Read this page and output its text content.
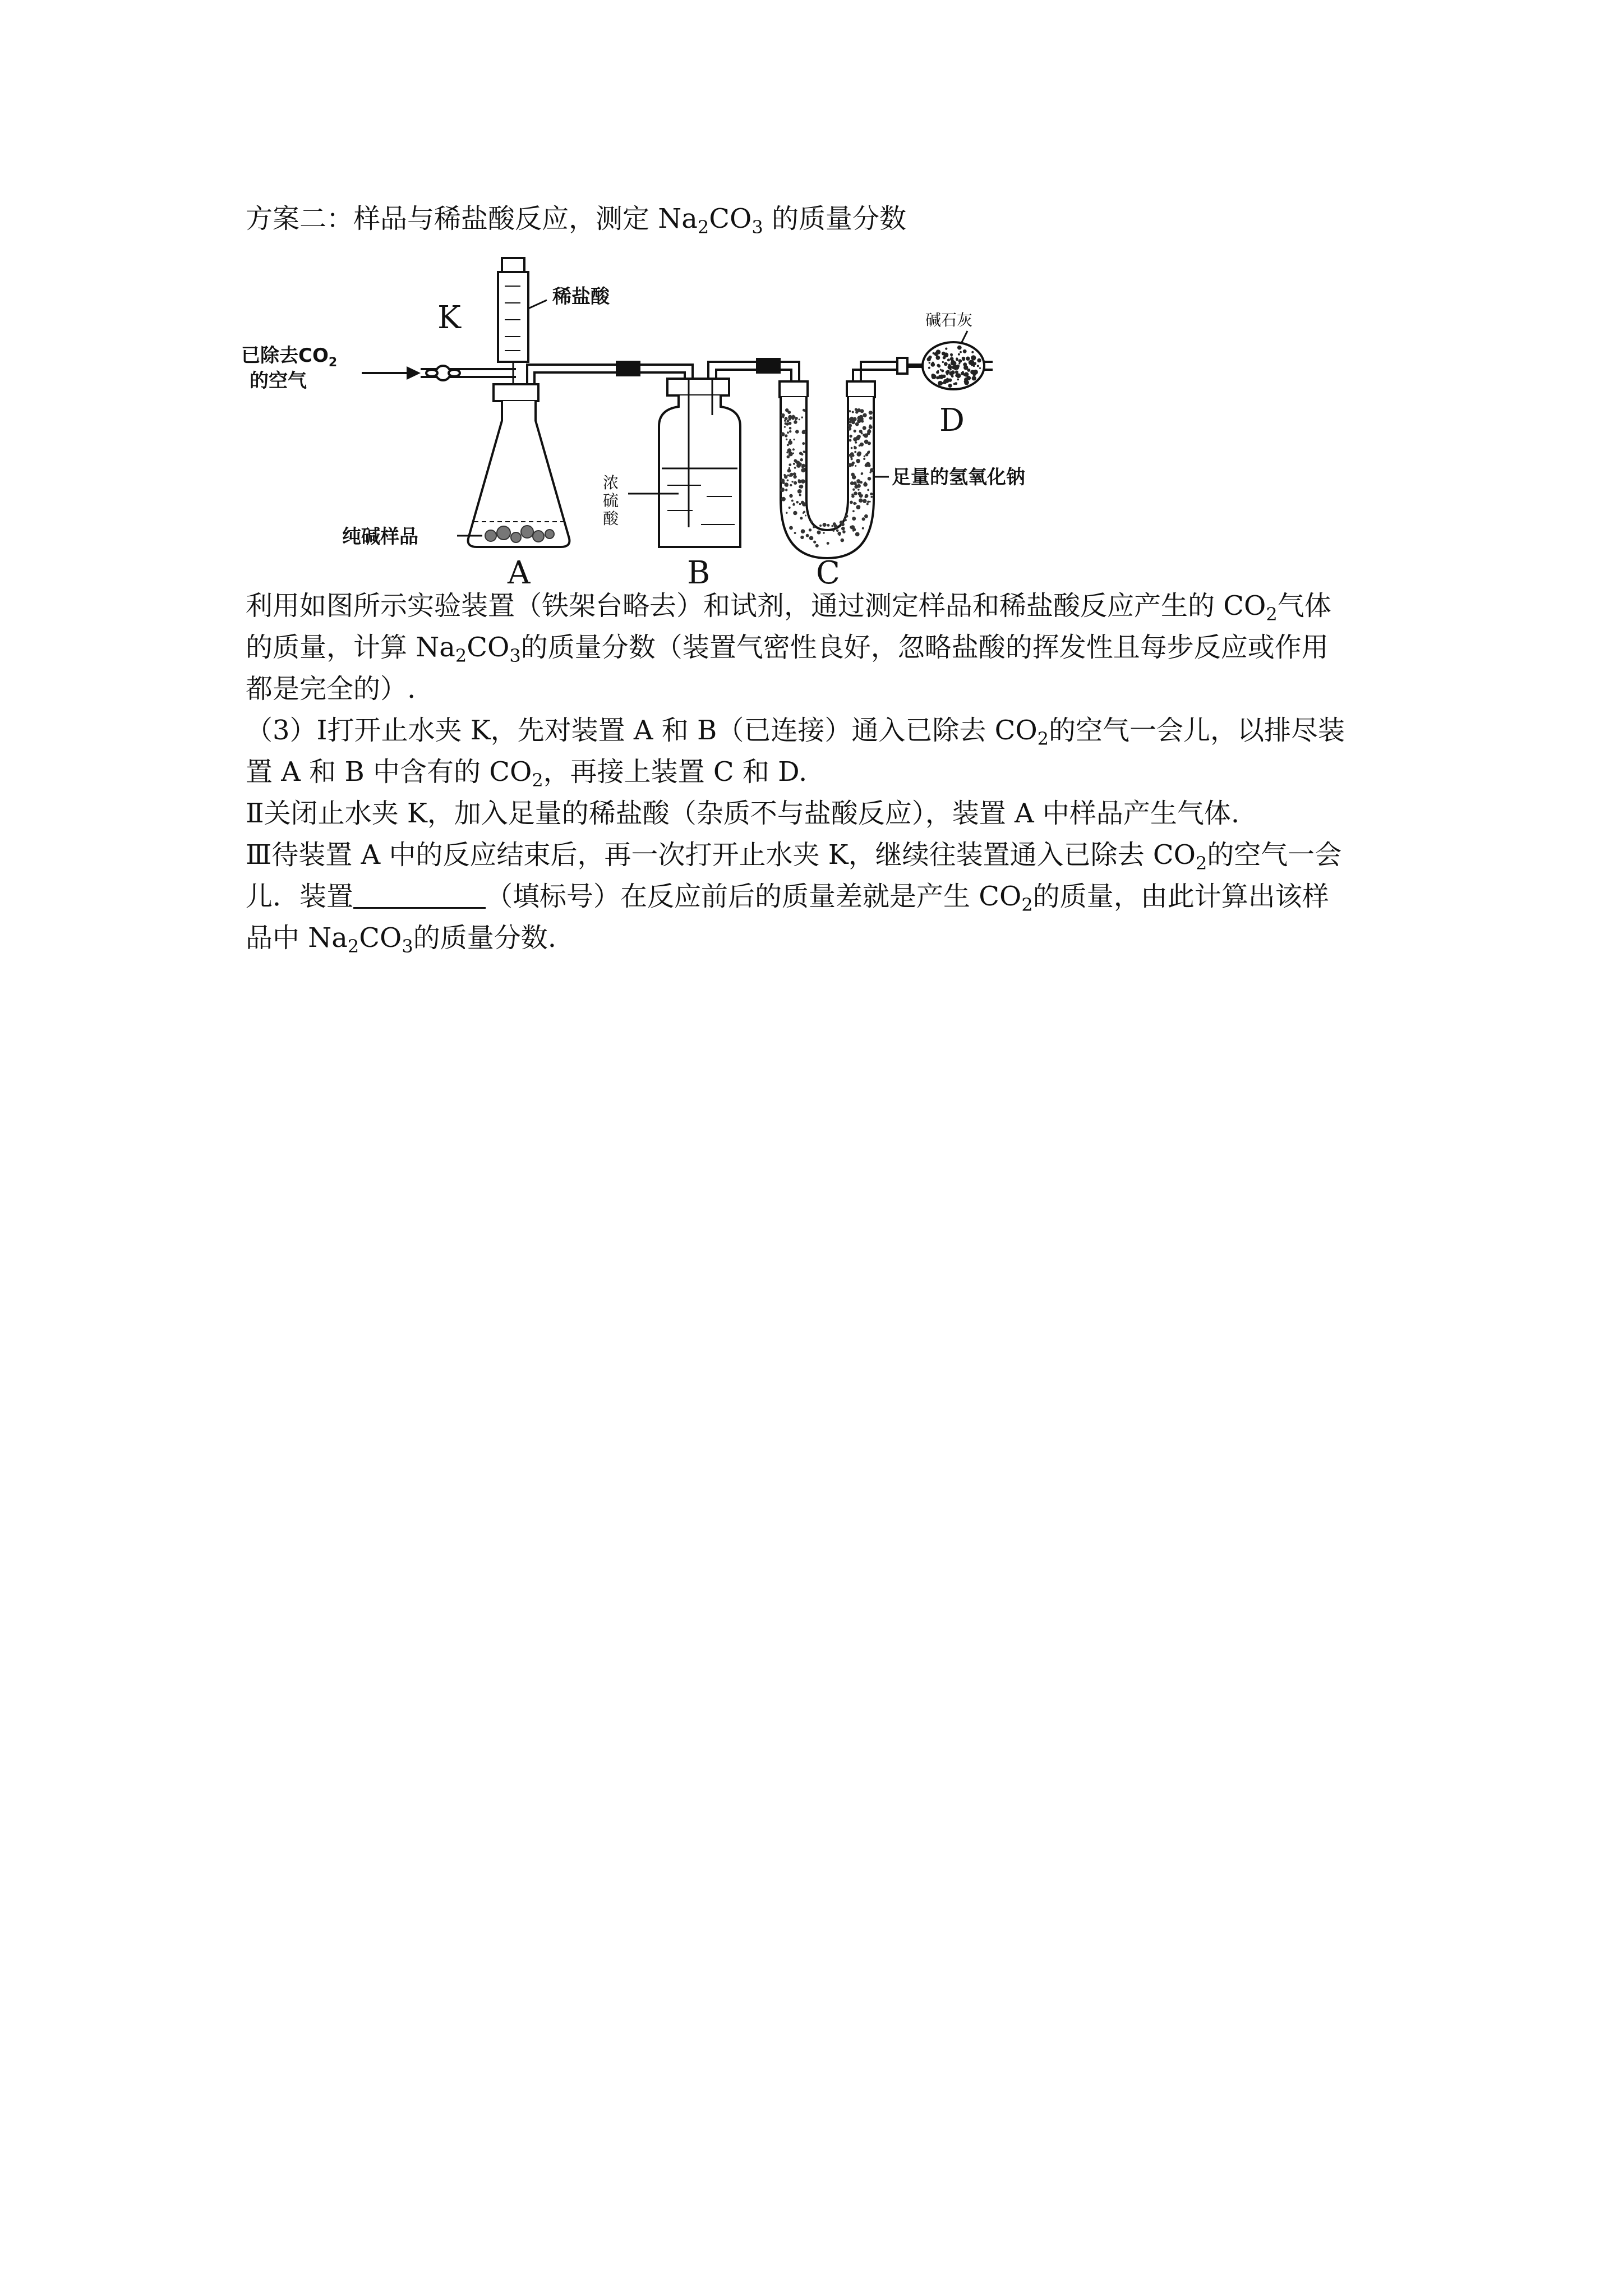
方案二：样品与稀盐酸反应，测定 $Na_2CO_3$ 的质量分数

K
已除去$CO_2$
的空气
稀盐酸
纯碱样品
浓
硫
酸
足量的氢氧化钠
碱石灰
A	B	C
D

利用如图所示实验装置（铁架台略去）和试剂，通过测定样品和稀盐酸反应产生的 $CO_2$气体

的质量，计算 $Na_2CO_3$的质量分数（装置气密性良好，忽略盐酸的挥发性且每步反应或作用

都是完全的）.

（3）Ⅰ打开止水夹 K，先对装置 A 和 B（已连接）通入已除去 $CO_2$的空气一会儿，以排尽装

置 A 和 B 中含有的 $CO_2$，再接上装置 C 和 D.

Ⅱ关闭止水夹 K，加入足量的稀盐酸（杂质不与盐酸反应），装置 A 中样品产生气体.

Ⅲ待装置 A 中的反应结束后，再一次打开止水夹 K，继续往装置通入已除去 $CO_2$的空气一会

儿．装置	（填标号）在反应前后的质量差就是产生 $CO_2$的质量，由此计算出该样

品中 $Na_2CO_3$的质量分数.
